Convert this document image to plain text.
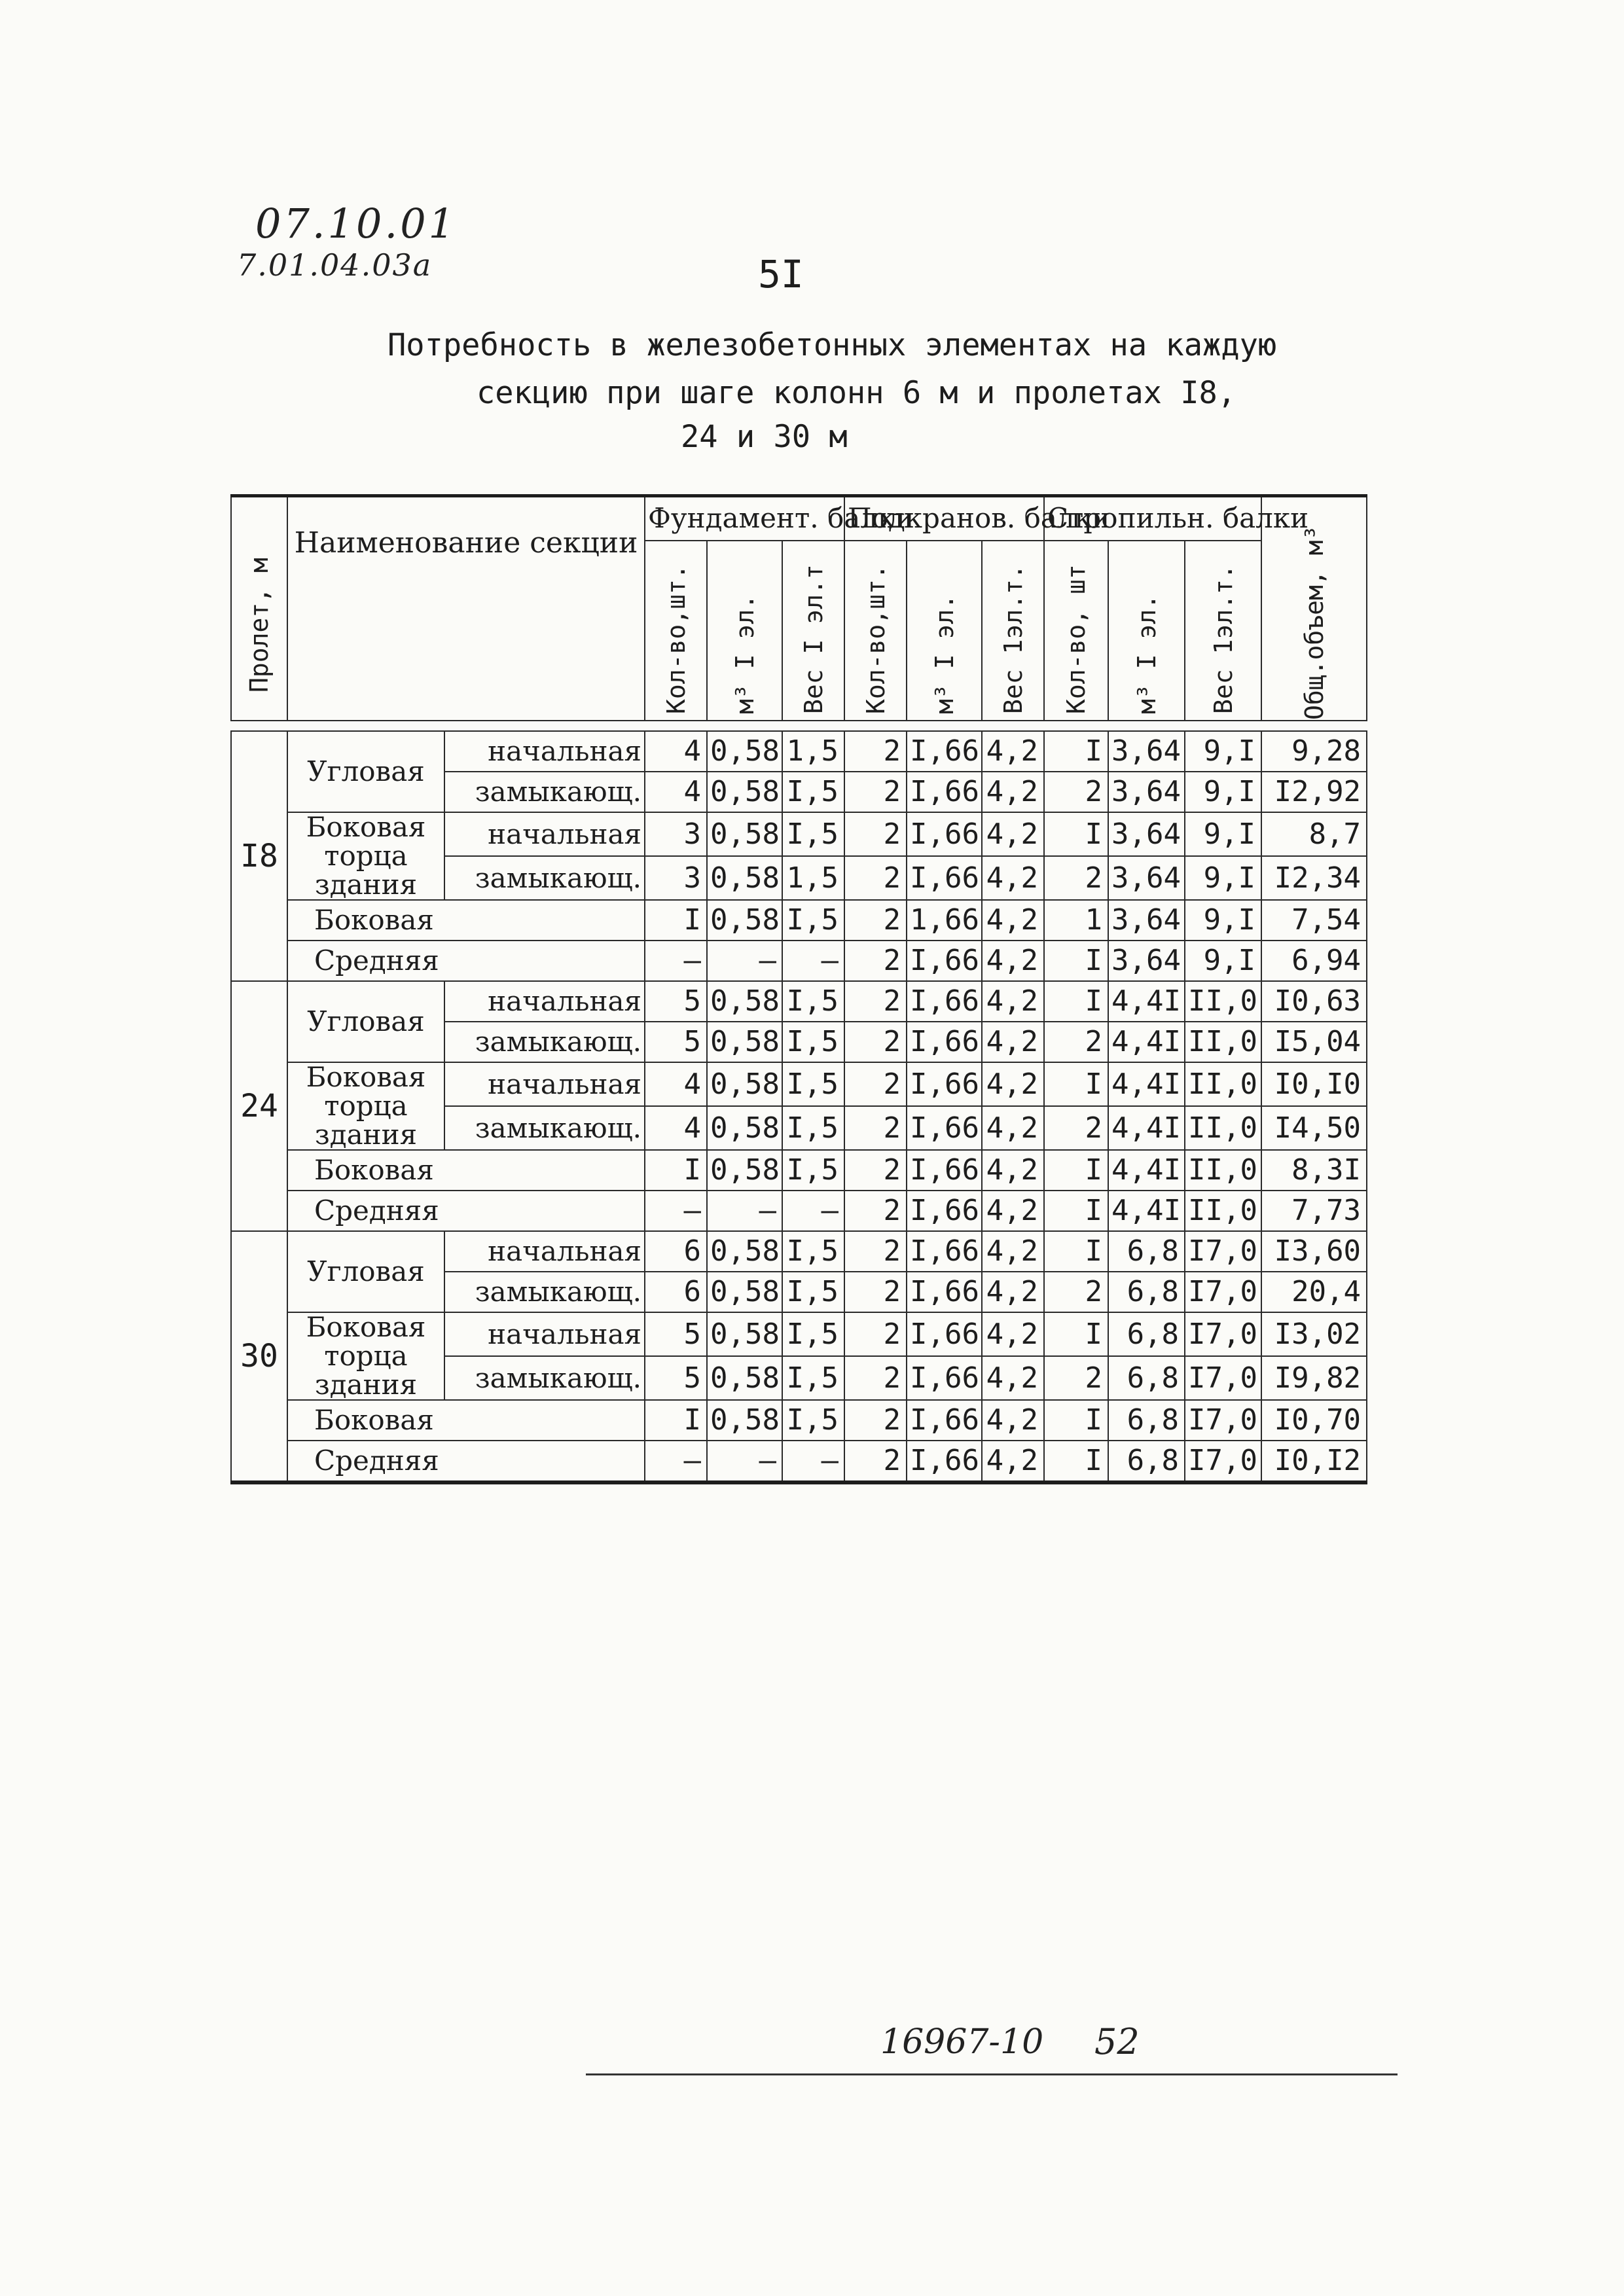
07.10.01
7.01.04.03a	5I
Потребность в железобетонных элементах на каждую
секцию при шаге колонн 6 м и пролетах I8,
24 и 30 м
Пролет, м	Наименование секции		Фундамент. балки			Подкранов. балки			Стропильн. балки			Общ.объем, м³

			Кол-во,шт.	м³ I эл.	Вес I эл.т	Кол-во,шт.	м³ I эл.	Вес 1эл.т.	Кол-во, шт	м³ I эл.	Вес 1эл.т.	

I8	Угловая	начальная	4	0,58	1,5	2	I,66	4,2	I	3,64	9,I	9,28
		замыкающ.	4	0,58	I,5	2	I,66	4,2	2	3,64	9,I	I2,92
	Боковая торца здания	начальная	3	0,58	I,5	2	I,66	4,2	I	3,64	9,I	8,7
		замыкающ.	3	0,58	1,5	2	I,66	4,2	2	3,64	9,I	I2,34
	Боковая		I	0,58	I,5	2	1,66	4,2	1	3,64	9,I	7,54
	Средняя		–	–	–	2	I,66	4,2	I	3,64	9,I	6,94
24	Угловая	начальная	5	0,58	I,5	2	I,66	4,2	I	4,4I	II,0	I0,63
		замыкающ.	5	0,58	I,5	2	I,66	4,2	2	4,4I	II,0	I5,04
	Боковая торца здания	начальная	4	0,58	I,5	2	I,66	4,2	I	4,4I	II,0	I0,I0
		замыкающ.	4	0,58	I,5	2	I,66	4,2	2	4,4I	II,0	I4,50
	Боковая		I	0,58	I,5	2	I,66	4,2	I	4,4I	II,0	8,3I
	Средняя		–	–	–	2	I,66	4,2	I	4,4I	II,0	7,73
30	Угловая	начальная	6	0,58	I,5	2	I,66	4,2	I	6,8	I7,0	I3,60
		замыкающ.	6	0,58	I,5	2	I,66	4,2	2	6,8	I7,0	20,4
	Боковая торца здания	начальная	5	0,58	I,5	2	I,66	4,2	I	6,8	I7,0	I3,02
		замыкающ.	5	0,58	I,5	2	I,66	4,2	2	6,8	I7,0	I9,82
	Боковая		I	0,58	I,5	2	I,66	4,2	I	6,8	I7,0	I0,70
	Средняя		–	–	–	2	I,66	4,2	I	6,8	I7,0	I0,I2
16967-10 52
